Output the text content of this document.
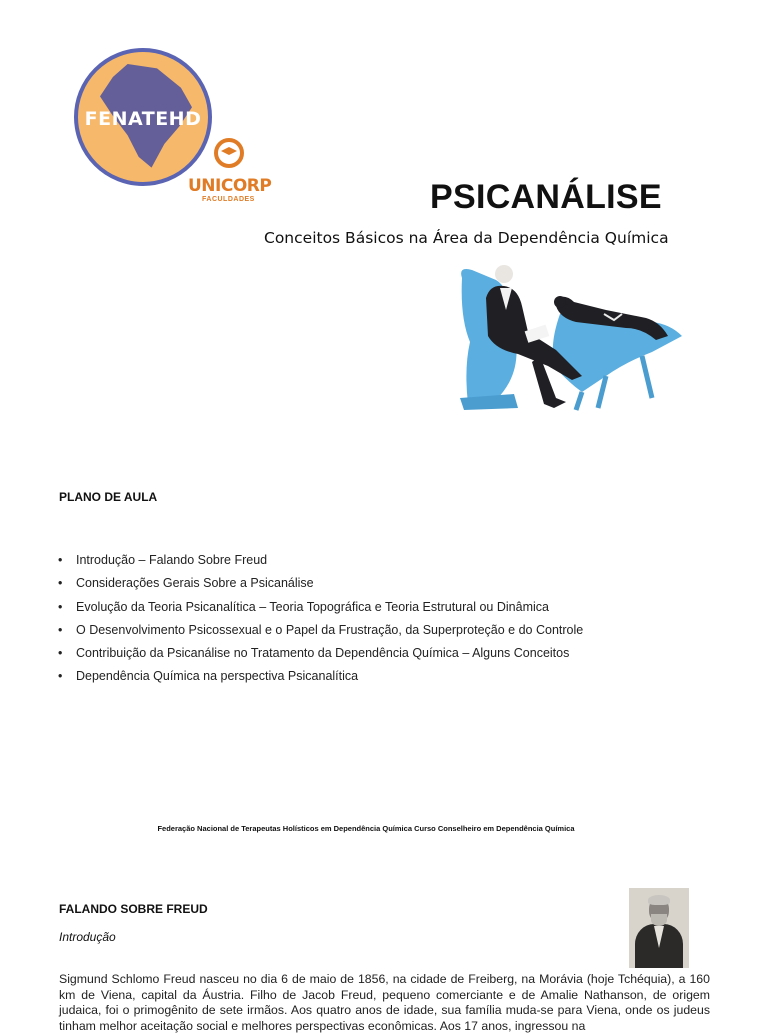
FENATEHD
UNICORP
FACULDADES	PSICANÁLISE
Conceitos Básicos na Área da Dependência Química
PLANO DE AULA
• Introdução – Falando Sobre Freud
• Considerações Gerais Sobre a Psicanálise
• Evolução da Teoria Psicanalítica – Teoria Topográfica e Teoria Estrutural ou Dinâmica
• O Desenvolvimento Psicossexual e o Papel da Frustração, da Superproteção e do Controle
• Contribuição da Psicanálise no Tratamento da Dependência Química – Alguns Conceitos
• Dependência Química na perspectiva Psicanalítica
Federação Nacional de Terapeutas Holísticos em Dependência Química Curso Conselheiro em Dependência Química
FALANDO SOBRE FREUD
Introdução
Sigmund Schlomo Freud nasceu no dia 6 de maio de 1856, na cidade de Freiberg, na Morávia (hoje Tchéquia), a 160 km de Viena, capital da Áustria. Filho de Jacob Freud, pequeno comerciante e de Amalie Nathanson, de origem judaica, foi o primogênito de sete irmãos. Aos quatro anos de idade, sua família muda-se para Viena, onde os judeus tinham melhor aceitação social e melhores perspectivas econômicas. Aos 17 anos, ingressou na
